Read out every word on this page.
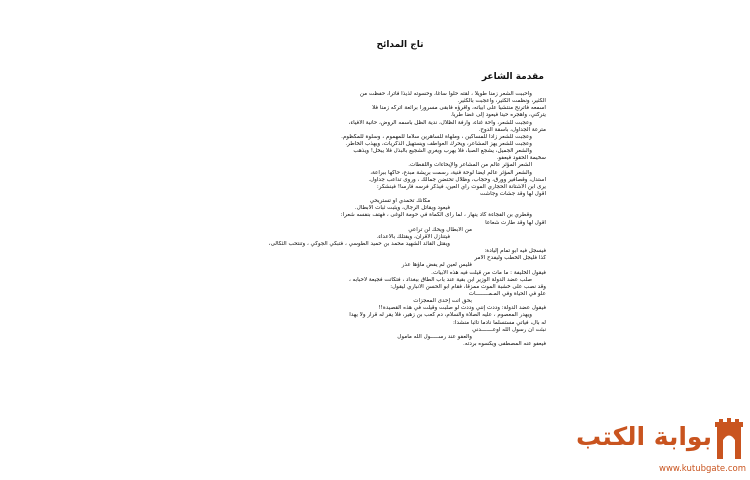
تاج المدائح
مقدمة الشاعر
وأحببت الشعر زمنا طويلا ، لقته حلوا ساغا، وحسوته لذيذا فاترا، حفظت من
الكثير، ونظمت الكثير، وأعجبت بالكثير.
أسمعه فاترنح منتشيا على ابياته، واقرؤه فابقى مسرورا برائعة أتركه زمنا فلا
يتركني، وأهجره حينا فيعود إلى غضا طريا.
وعجبت للشعر، واحة غناء، وارفة الظلال، ندية الظل باسمه الروض، حانية الأفياء،
مترعة الجداول، باسقة الدوح.
وعجبت للشعر زادا للمساكين ، وملهاة للساهرين سلاما للمهموم ، وسلوة للمكظوم.
وعجبت للشعر يهز المشاعر، ويحرك العواطف ويستهيل الذكريات، ويهذب الخاطر.
والشعر الجميل، يشجع الصبا، فلا يهرب ويغري الشجيع بالبذل فلا يبخل! ويذهب
سخيمة الحقود فيعفو.
الشعر المؤثر عالم من المشاعر والإيحاءات واللقطات.
والشعر المؤثر عالم أيضا لوحة فنية، رسمت بريشة مبدع، حاكها ببراعة،
استدل، وقصافير وورق، وحجاب، وظلال تحتضن جمالك ، وروى تداعب جداول.
يرى ابن الأشتانة الحجاري الموت رأي العين، فيذكر فرسه فارسا! فينشكر:
أقول لها وقد جشأت وجاشت
مكانك تحمدي أو تستريحي
فيعود ويقاتل الرجال، ويثبت ثبات الأبطال.
وقطري بن الفجاءة كاد ينهار ، لما رأى الكماة في حومة الوغى ، فهتف بنفسه شعرا:
أقول لها وقد طارت شعاعا
من الأبطال ويحك لن تراعي
فيتنازل الأقران، ويقتلك بالأعداء.
ويقتل القائد الشهيد محمد بن حميد الطوسي ، فتبكي الجوكي ، وتنتحب الثكالى،
فيسجل فيه أبو تمام إليادة:
كذا فليجل الخطب وليفدح الأمر
فليس لعين لم يفض ماؤها عذر
فيقول الخليفة : ما مات من قيلت فيه هذه الأبيات.
صلب عضد الدولة الوزير ابن بقية عند باب الطاق ببغداد ، فتكاتت فجيعة لأحبابه ،
وقد نصب على خشبة الموت ممزقا، فقام أبو الحسن الأنباري ليقول:
علو في الحياة وفي المـمــــــــات
بحق أنت إحدى المعجزات
فيقول عضد الدولة: وددت إنني وددت لو صلبت وقيلت في هذه القصيدة!!
ويهدر المعصوم ، عليه الصلاة والسلام، دم كعب بن زهير، فلا يقر له قرار ولا يهدأ
له بال، فيأتي مستسلما نادما تائبا منشدا:
نبئت أن رسول الله أوعـــــــدني
والعفو عند رســـــول الله مأمول
فيعفو عنه المصطفى ويكسوه بردته.
بوابة الكتب
www.kutubgate.com
